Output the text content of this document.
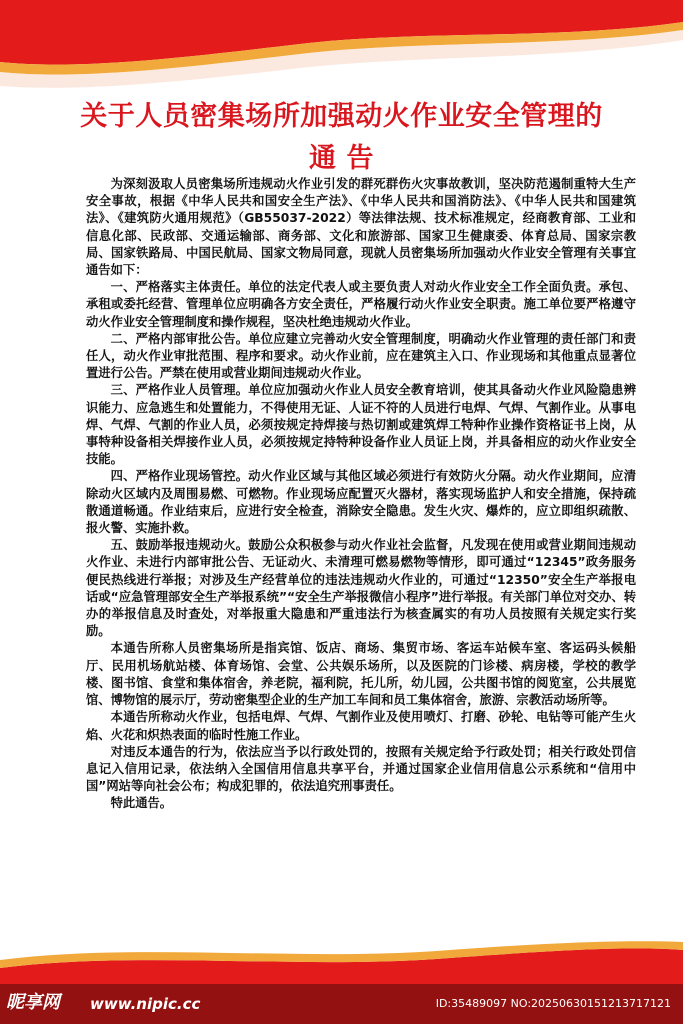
关于人员密集场所加强动火作业安全管理的
通 告

为深刻汲取人员密集场所违规动火作业引发的群死群伤火灾事故教训，坚决防范遏制重特大生产安全事故，根据《中华人民共和国安全生产法》、《中华人民共和国消防法》、《中华人民共和国建筑法》、《建筑防火通用规范》（GB55037-2022）等法律法规、技术标准规定，经商教育部、工业和信息化部、民政部、交通运输部、商务部、文化和旅游部、国家卫生健康委、体育总局、国家宗教局、国家铁路局、中国民航局、国家文物局同意，现就人员密集场所加强动火作业安全管理有关事宜通告如下：

一、严格落实主体责任。单位的法定代表人或主要负责人对动火作业安全工作全面负责。承包、承租或委托经营、管理单位应明确各方安全责任，严格履行动火作业安全职责。施工单位要严格遵守动火作业安全管理制度和操作规程，坚决杜绝违规动火作业。

二、严格内部审批公告。单位应建立完善动火安全管理制度，明确动火作业管理的责任部门和责任人，动火作业审批范围、程序和要求。动火作业前，应在建筑主入口、作业现场和其他重点显著位置进行公告。严禁在使用或营业期间违规动火作业。

三、严格作业人员管理。单位应加强动火作业人员安全教育培训，使其具备动火作业风险隐患辨识能力、应急逃生和处置能力，不得使用无证、人证不符的人员进行电焊、气焊、气割作业。从事电焊、气焊、气割的作业人员，必须按规定持焊接与热切割或建筑焊工特种作业操作资格证书上岗，从事特种设备相关焊接作业人员，必须按规定持特种设备作业人员证上岗，并具备相应的动火作业安全技能。

四、严格作业现场管控。动火作业区域与其他区域必须进行有效防火分隔。动火作业期间，应清除动火区域内及周围易燃、可燃物。作业现场应配置灭火器材，落实现场监护人和安全措施，保持疏散通道畅通。作业结束后，应进行安全检查，消除安全隐患。发生火灾、爆炸的，应立即组织疏散、报火警、实施扑救。

五、鼓励举报违规动火。鼓励公众积极参与动火作业社会监督，凡发现在使用或营业期间违规动火作业、未进行内部审批公告、无证动火、未清理可燃易燃物等情形，即可通过“12345”政务服务便民热线进行举报；对涉及生产经营单位的违法违规动火作业的，可通过“12350”安全生产举报电话或“应急管理部安全生产举报系统”“安全生产举报微信小程序”进行举报。有关部门单位对交办、转办的举报信息及时查处，对举报重大隐患和严重违法行为核查属实的有功人员按照有关规定实行奖励。

本通告所称人员密集场所是指宾馆、饭店、商场、集贸市场、客运车站候车室、客运码头候船厅、民用机场航站楼、体育场馆、会堂、公共娱乐场所，以及医院的门诊楼、病房楼，学校的教学楼、图书馆、食堂和集体宿舍，养老院，福利院，托儿所，幼儿园，公共图书馆的阅览室，公共展览馆、博物馆的展示厅，劳动密集型企业的生产加工车间和员工集体宿舍，旅游、宗教活动场所等。

本通告所称动火作业，包括电焊、气焊、气割作业及使用喷灯、打磨、砂轮、电钻等可能产生火焰、火花和炽热表面的临时性施工作业。

对违反本通告的行为，依法应当予以行政处罚的，按照有关规定给予行政处罚；相关行政处罚信息记入信用记录，依法纳入全国信用信息共享平台，并通过国家企业信用信息公示系统和“信用中国”网站等向社会公布；构成犯罪的，依法追究刑事责任。

特此通告。

昵享网 www.nipic.cc	ID:35489097 NO:20250630151213717121
